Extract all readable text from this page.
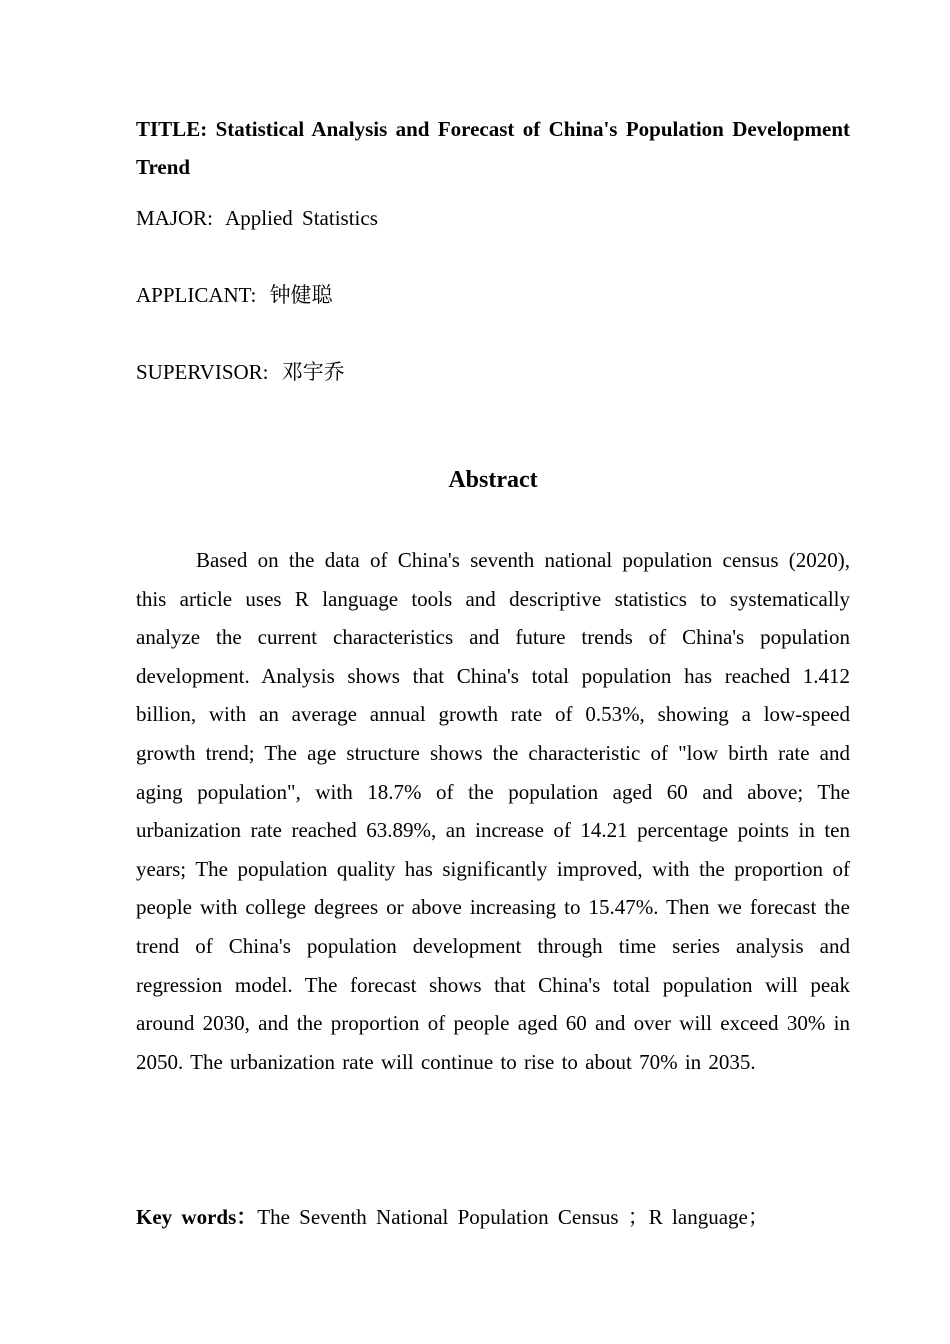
TITLE: Statistical Analysis and Forecast of China's Population Development Trend
MAJOR: Applied Statistics
APPLICANT: 钟健聪
SUPERVISOR: 邓宇乔
Abstract

Based on the data of China's seventh national population census (2020), this article uses R language tools and descriptive statistics to systematically analyze the current characteristics and future trends of China's population development. Analysis shows that China's total population has reached 1.412 billion, with an average annual growth rate of 0.53%, showing a low-speed growth trend; The age structure shows the characteristic of "low birth rate and aging population", with 18.7% of the population aged 60 and above; The urbanization rate reached 63.89%, an increase of 14.21 percentage points in ten years; The population quality has significantly improved, with the proportion of people with college degrees or above increasing to 15.47%. Then we forecast the trend of China's population development through time series analysis and regression model. The forecast shows that China's total population will peak around 2030, and the proportion of people aged 60 and over will exceed 30% in 2050. The urbanization rate will continue to rise to about 70% in 2035.

Key words：The Seventh National Population Census ；R language；
